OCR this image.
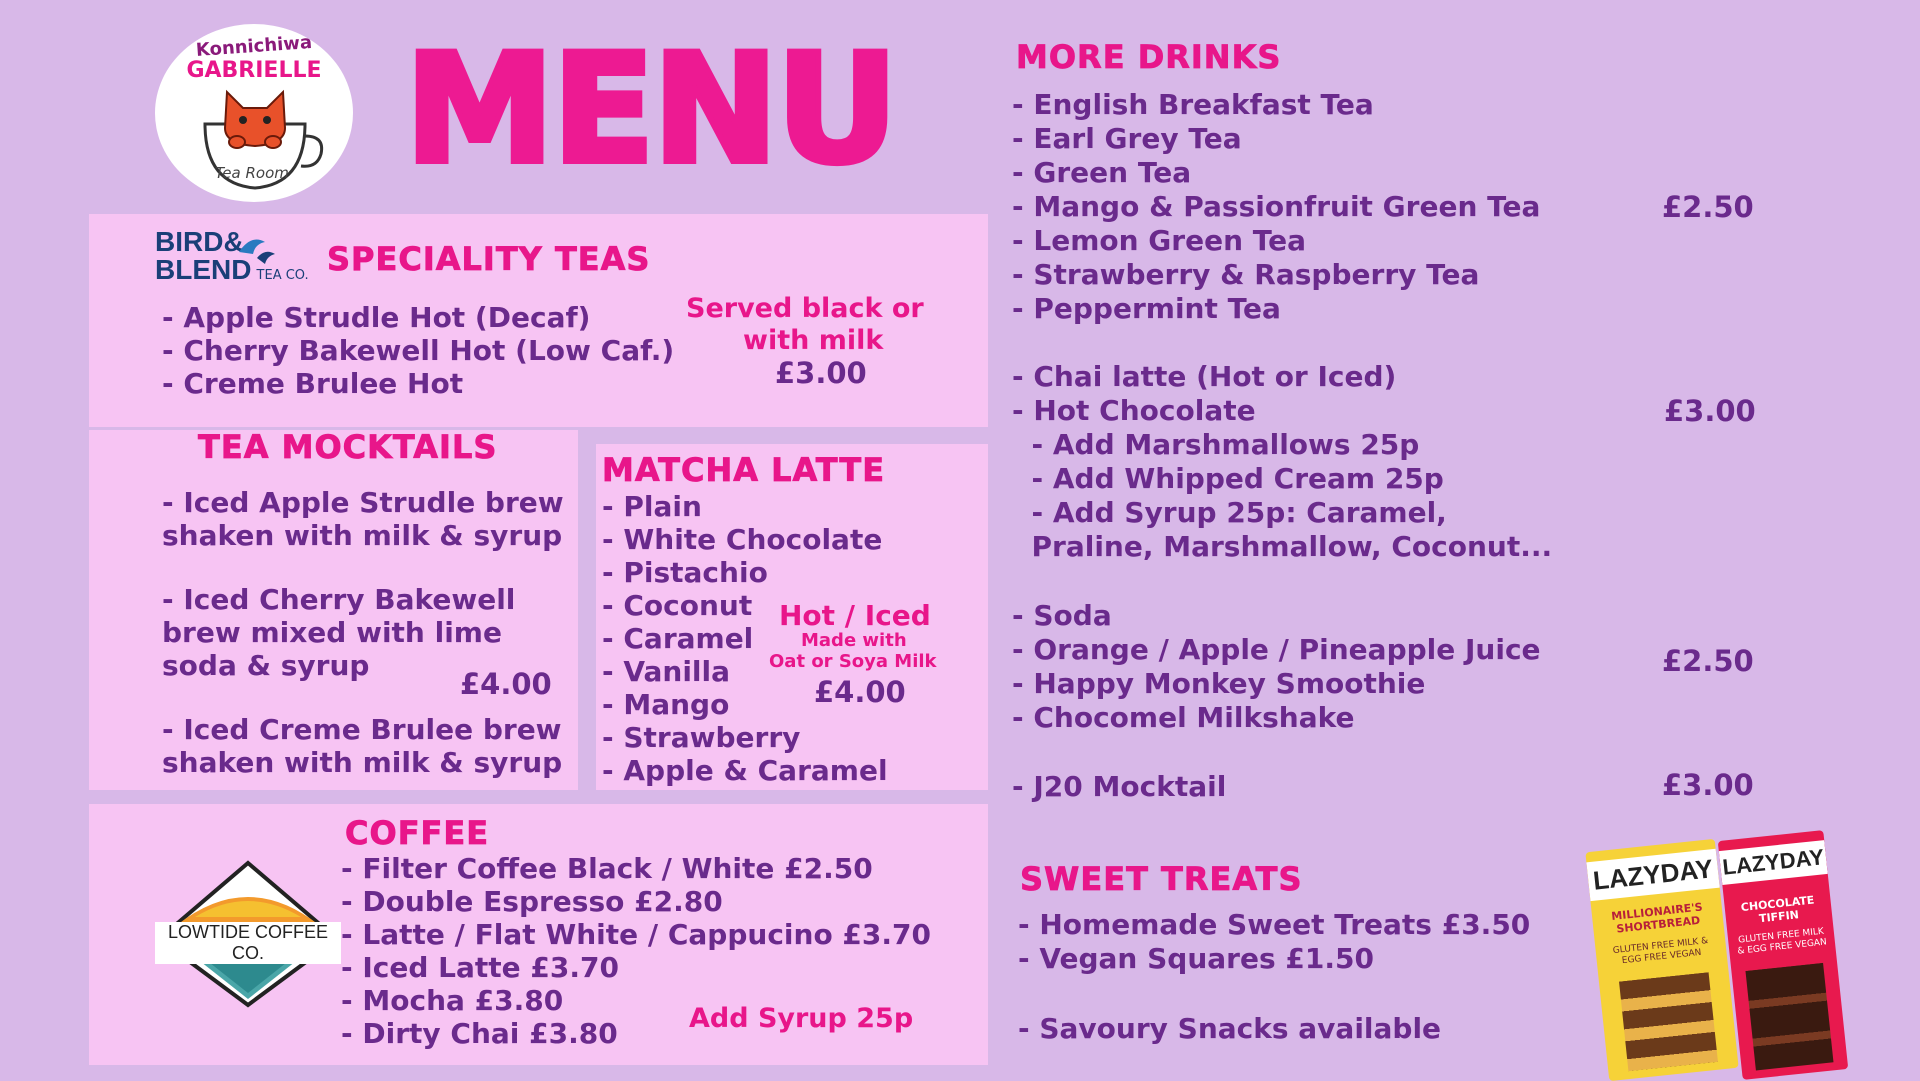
Konnichiwa
GABRIELLE
Tea Room MENU
BIRD&
BLEND TEA CO. SPECIALITY TEAS
- Apple Strudle Hot (Decaf)
- Cherry Bakewell Hot (Low Caf.)
- Creme Brulee Hot
Served black or
with milk
£3.00
TEA MOCKTAILS
- Iced Apple Strudle brew
shaken with milk & syrup
- Iced Cherry Bakewell
brew mixed with lime
soda & syrup
£4.00
- Iced Creme Brulee brew
shaken with milk & syrup
MATCHA LATTE
- Plain
- White Chocolate
- Pistachio
- Coconut
- Caramel
- Vanilla
- Mango
- Strawberry
- Apple & Caramel
Hot / Iced
Made with
Oat or Soya Milk
£4.00
LOWTIDE COFFEE CO.
COFFEE
- Filter Coffee Black / White £2.50
- Double Espresso £2.80
- Latte / Flat White / Cappucino £3.70
- Iced Latte £3.70
- Mocha £3.80
- Dirty Chai £3.80	Add Syrup 25p
MORE DRINKS
- English Breakfast Tea
- Earl Grey Tea
- Green Tea
- Mango & Passionfruit Green Tea
- Lemon Green Tea
- Strawberry & Raspberry Tea
- Peppermint Tea
£2.50
- Chai latte (Hot or Iced)
- Hot Chocolate
- Add Marshmallows 25p
- Add Whipped Cream 25p
- Add Syrup 25p: Caramel,
Praline, Marshmallow, Coconut...
£3.00
- Soda
- Orange / Apple / Pineapple Juice
- Happy Monkey Smoothie
- Chocomel Milkshake
£2.50
- J20 Mocktail	£3.00
SWEET TREATS
- Homemade Sweet Treats £3.50
- Vegan Squares £1.50
- Savoury Snacks available
LAZYDAY
MILLIONAIRE'S SHORTBREAD
GLUTEN FREE MILK & EGG FREE VEGAN
LAZYDAY
CHOCOLATE TIFFIN
GLUTEN FREE MILK & EGG FREE VEGAN
